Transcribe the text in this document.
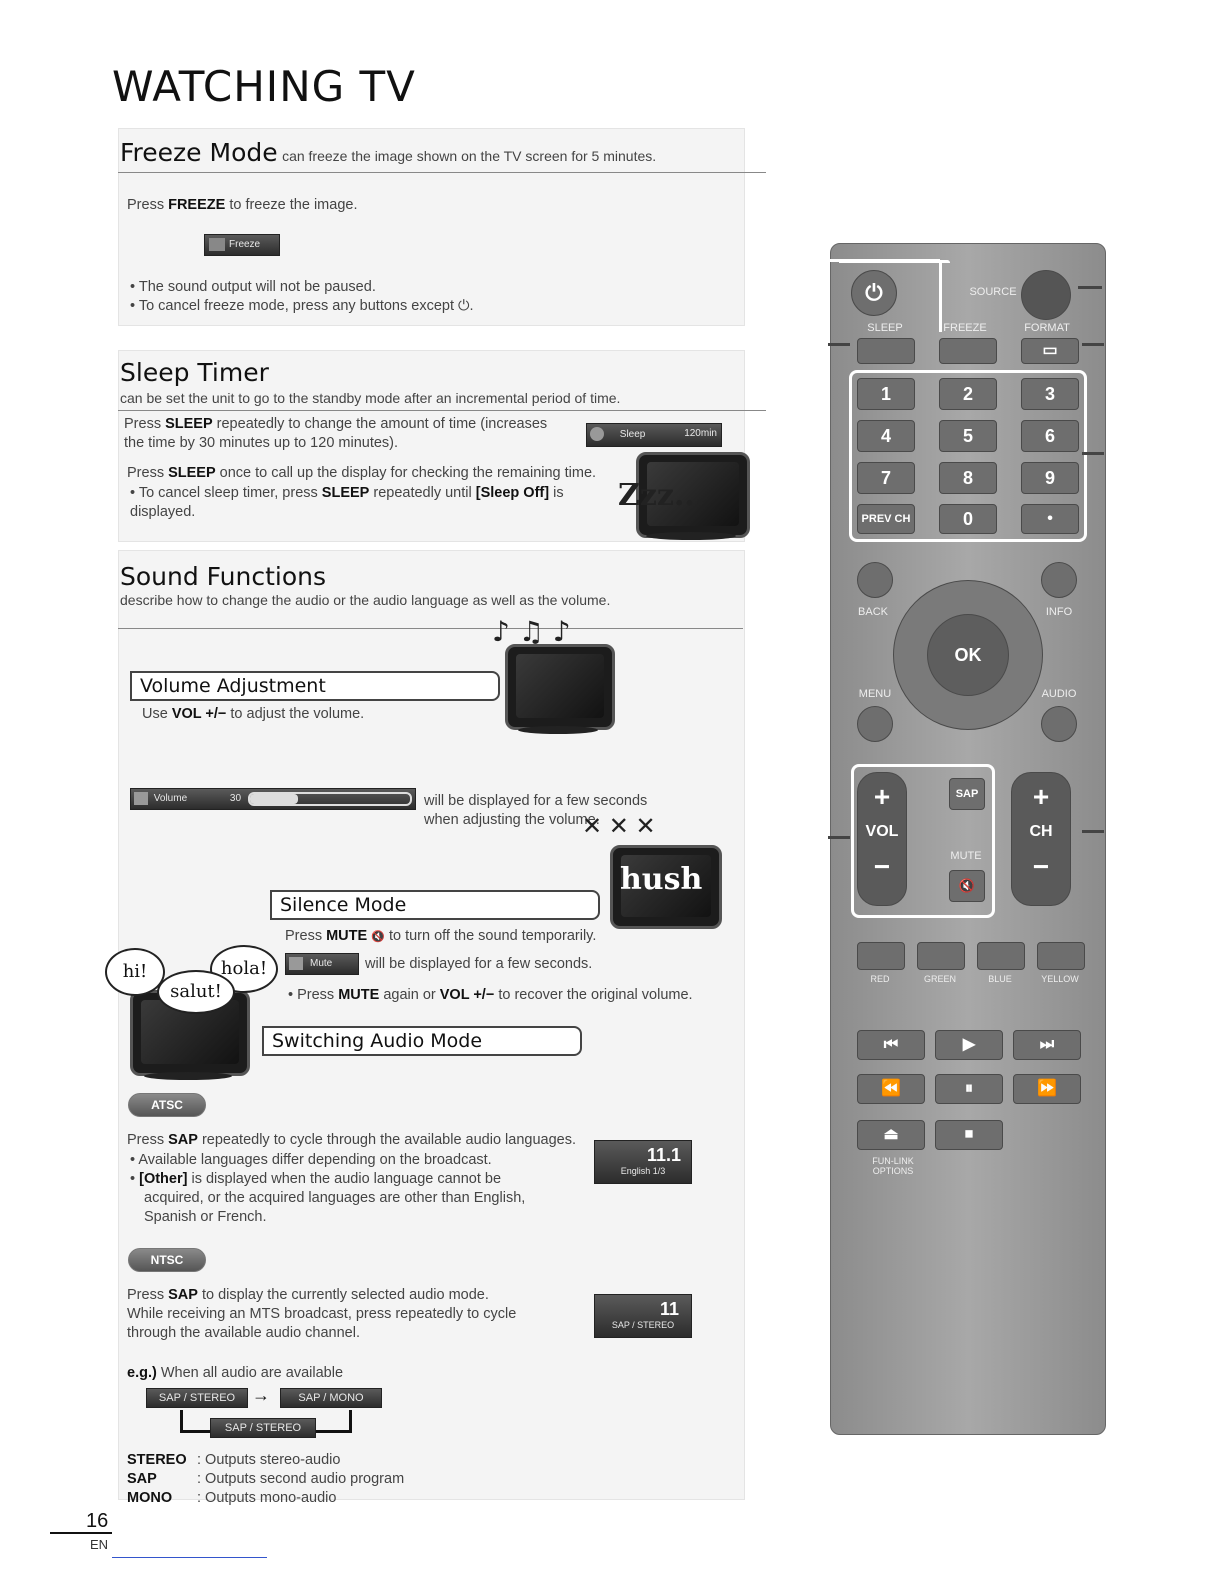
WATCHING TV
Freeze Mode can freeze the image shown on the TV screen for 5 minutes.
Press FREEZE to freeze the image.
Freeze
• The sound output will not be paused.
• To cancel freeze mode, press any buttons except ⏻.
Sleep Timer
can be set the unit to go to the standby mode after an incremental period of time.
Press SLEEP repeatedly to change the amount of time (increases the time by 30 minutes up to 120 minutes).
Sleep	120min
Press SLEEP once to call up the display for checking the remaining time.
• To cancel sleep timer, press SLEEP repeatedly until [Sleep Off] is displayed.	Zzz...
Sound Functions
describe how to change the audio or the audio language as well as the volume.
Volume Adjustment
Use VOL +/− to adjust the volume.
♪ ♫ ♪
Volume	30	will be displayed for a few seconds when adjusting the volume.
hush
✕ ✕ ✕
Silence Mode
Press MUTE 🔇 to turn off the sound temporarily.
Mute	will be displayed for a few seconds.
• Press MUTE again or VOL +/− to recover the original volume.
hi!	hola!
salut!
Switching Audio Mode
ATSC
Press SAP repeatedly to cycle through the available audio languages.
• Available languages differ depending on the broadcast.
• [Other] is displayed when the audio language cannot be acquired, or the acquired languages are other than English, Spanish or French.
11.1
English 1/3
NTSC
Press SAP to display the currently selected audio mode.
While receiving an MTS broadcast, press repeatedly to cycle through the available audio channel.
11
SAP / STEREO
e.g.) When all audio are available
SAP / STEREO →	SAP / MONO
SAP / STEREO
STEREO : Outputs stereo-audio
SAP	: Outputs second audio program
MONO : Outputs mono-audio
16
EN
⏻	SOURCE
SLEEP	FREEZE	FORMAT
▭
1	2	3
4	5	6
7	8	9
PREV CH	0	•
BACK	INFO
OK
MENU	AUDIO
+
VOL
−
SAP
MUTE
🔇
+
CH
−
RED	GREEN	BLUE	YELLOW
⏮	▶	⏭
⏪	⏸	⏩
⏏	⏹
FUN-LINK OPTIONS
